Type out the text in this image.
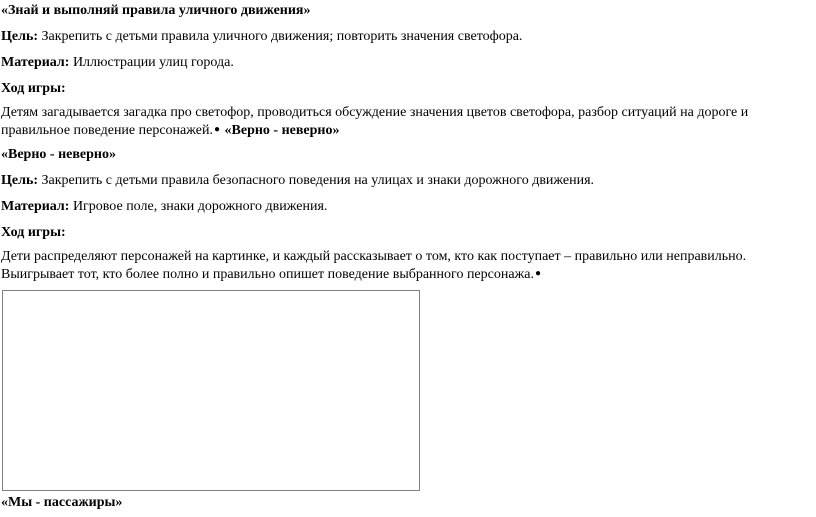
«Знай и выполняй правила уличного движения»
Цель: Закрепить с детьми правила уличного движения; повторить значения светофора.
Материал: Иллюстрации улиц города.
Ход игры:
Детям загадывается загадка про светофор, проводиться обсуждение значения цветов светофора, разбор ситуаций на дороге и правильное поведение персонажей.● «Верно - неверно»
«Верно - неверно»
Цель: Закрепить с детьми правила безопасного поведения на улицах и знаки дорожного движения.
Материал: Игровое поле, знаки дорожного движения.
Ход игры:
Дети распределяют персонажей на картинке, и каждый рассказывает о том, кто как поступает – правильно или неправильно. Выигрывает тот, кто более полно и правильно опишет поведение выбранного персонажа.●
«Мы - пассажиры»
